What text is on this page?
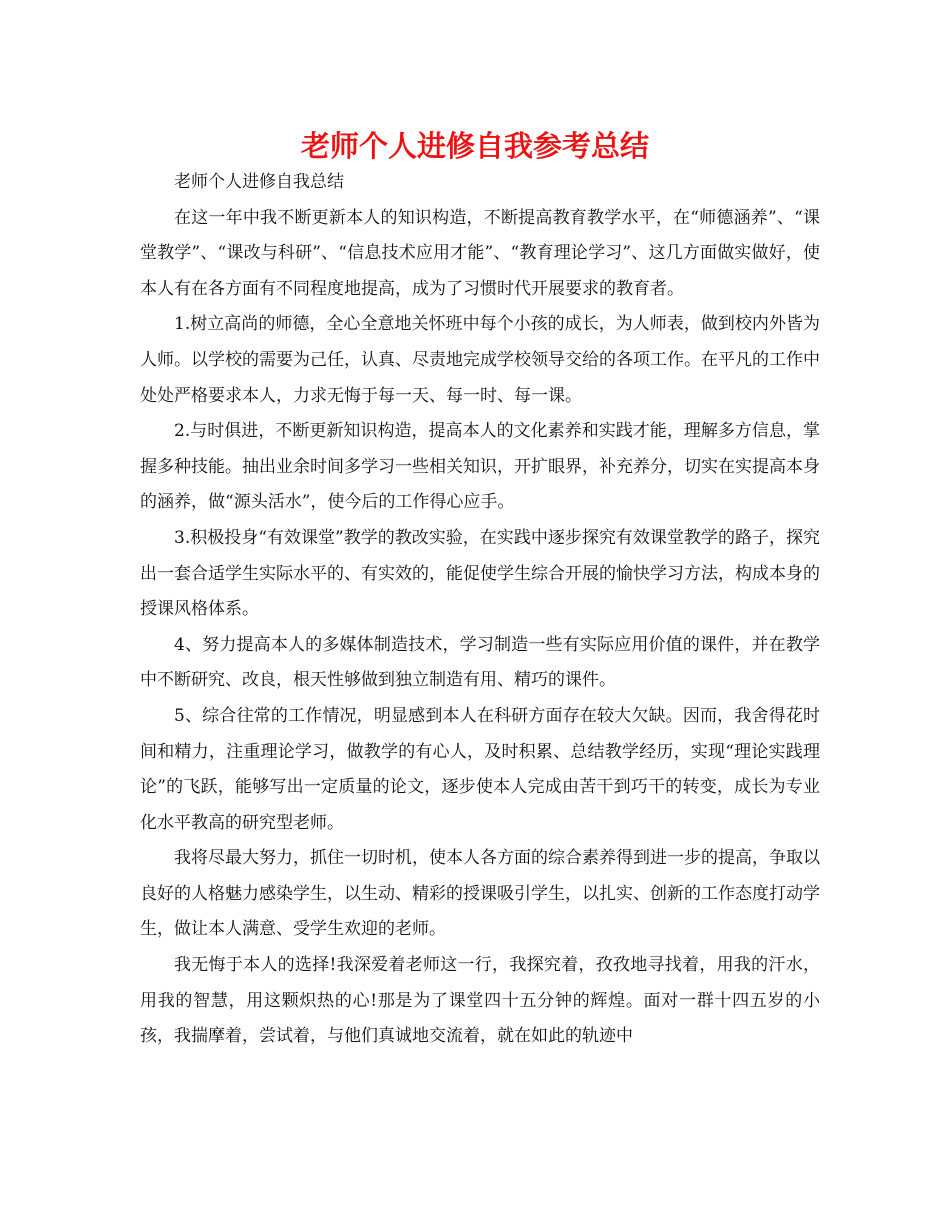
老师个人进修自我参考总结

老师个人进修自我总结

在这一年中我不断更新本人的知识构造，不断提高教育教学水平，在“师德涵养”、“课堂教学”、“课改与科研”、“信息技术应用才能”、“教育理论学习”、这几方面做实做好，使本人有在各方面有不同程度地提高，成为了习惯时代开展要求的教育者。

1.树立高尚的师德，全心全意地关怀班中每个小孩的成长，为人师表，做到校内外皆为人师。以学校的需要为己任，认真、尽责地完成学校领导交给的各项工作。在平凡的工作中处处严格要求本人，力求无悔于每一天、每一时、每一课。

2.与时俱进，不断更新知识构造，提高本人的文化素养和实践才能，理解多方信息，掌握多种技能。抽出业余时间多学习一些相关知识，开扩眼界，补充养分，切实在实提高本身的涵养，做“源头活水”，使今后的工作得心应手。

3.积极投身“有效课堂”教学的教改实验，在实践中逐步探究有效课堂教学的路子，探究出一套合适学生实际水平的、有实效的，能促使学生综合开展的愉快学习方法，构成本身的授课风格体系。

4、努力提高本人的多媒体制造技术，学习制造一些有实际应用价值的课件，并在教学中不断研究、改良，根天性够做到独立制造有用、精巧的课件。

5、综合往常的工作情况，明显感到本人在科研方面存在较大欠缺。因而，我舍得花时间和精力，注重理论学习，做教学的有心人，及时积累、总结教学经历，实现“理论实践理论”的飞跃，能够写出一定质量的论文，逐步使本人完成由苦干到巧干的转变，成长为专业化水平教高的研究型老师。

我将尽最大努力，抓住一切时机，使本人各方面的综合素养得到进一步的提高，争取以良好的人格魅力感染学生，以生动、精彩的授课吸引学生，以扎实、创新的工作态度打动学生，做让本人满意、受学生欢迎的老师。

我无悔于本人的选择!我深爱着老师这一行，我探究着，孜孜地寻找着，用我的汗水，用我的智慧，用这颗炽热的心!那是为了课堂四十五分钟的辉煌。面对一群十四五岁的小孩，我揣摩着，尝试着，与他们真诚地交流着，就在如此的轨迹中
